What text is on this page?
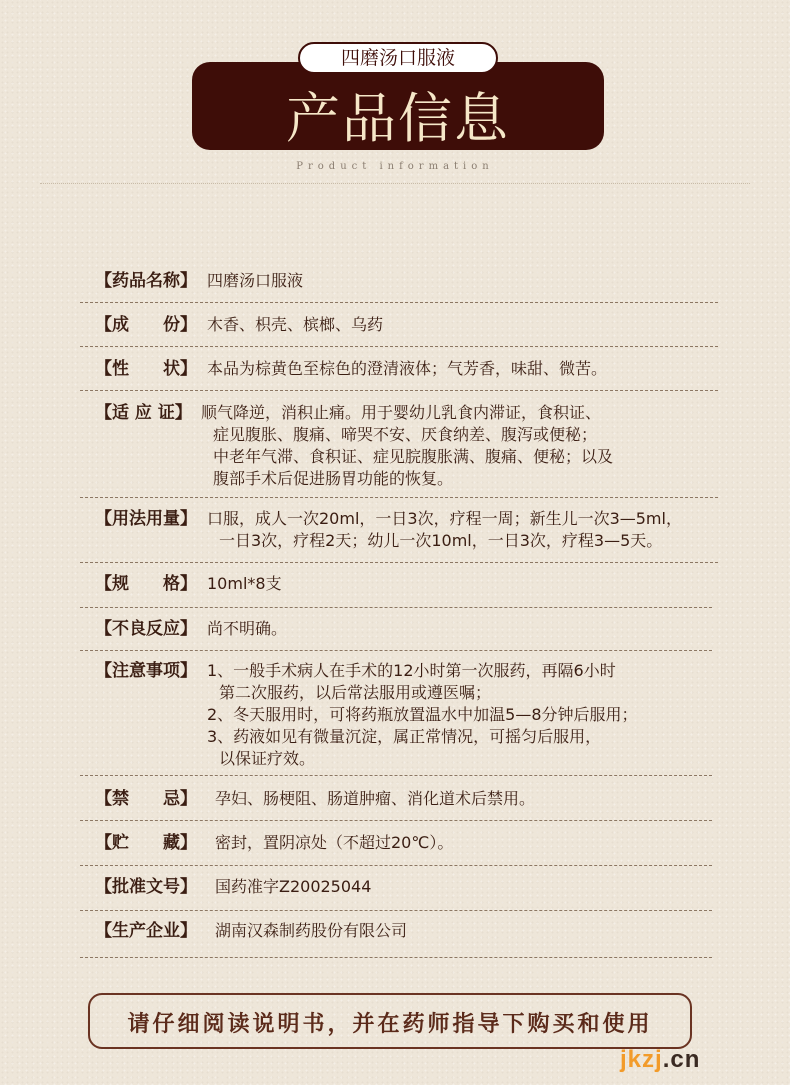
产品信息
四磨汤口服液
Product information
【药品名称】 四磨汤口服液
【成　　份】 木香、枳壳、槟榔、乌药
【性　　状】 本品为棕黄色至棕色的澄清液体；气芳香，味甜、微苦。
【适 应 证】 顺气降逆，消积止痛。用于婴幼儿乳食内滞证，食积证、
症见腹胀、腹痛、啼哭不安、厌食纳差、腹泻或便秘；
中老年气滞、食积证、症见脘腹胀满、腹痛、便秘；以及
腹部手术后促进肠胃功能的恢复。
【用法用量】 口服，成人一次20ml，一日3次，疗程一周；新生儿一次3—5ml，
一日3次，疗程2天；幼儿一次10ml，一日3次，疗程3—5天。
【规　　格】 10ml*8支
【不良反应】 尚不明确。
【注意事项】 1、一般手术病人在手术的12小时第一次服药，再隔6小时
第二次服药，以后常法服用或遵医嘱；
2、冬天服用时，可将药瓶放置温水中加温5—8分钟后服用；
3、药液如见有微量沉淀，属正常情况，可摇匀后服用，
以保证疗效。
【禁　　忌】 孕妇、肠梗阻、肠道肿瘤、消化道术后禁用。
【贮　　藏】 密封，置阴凉处（不超过20℃）。
【批准文号】 国药准字Z20025044
【生产企业】 湖南汉森制药股份有限公司
请仔细阅读说明书，并在药师指导下购买和使用
jkzj.cn
